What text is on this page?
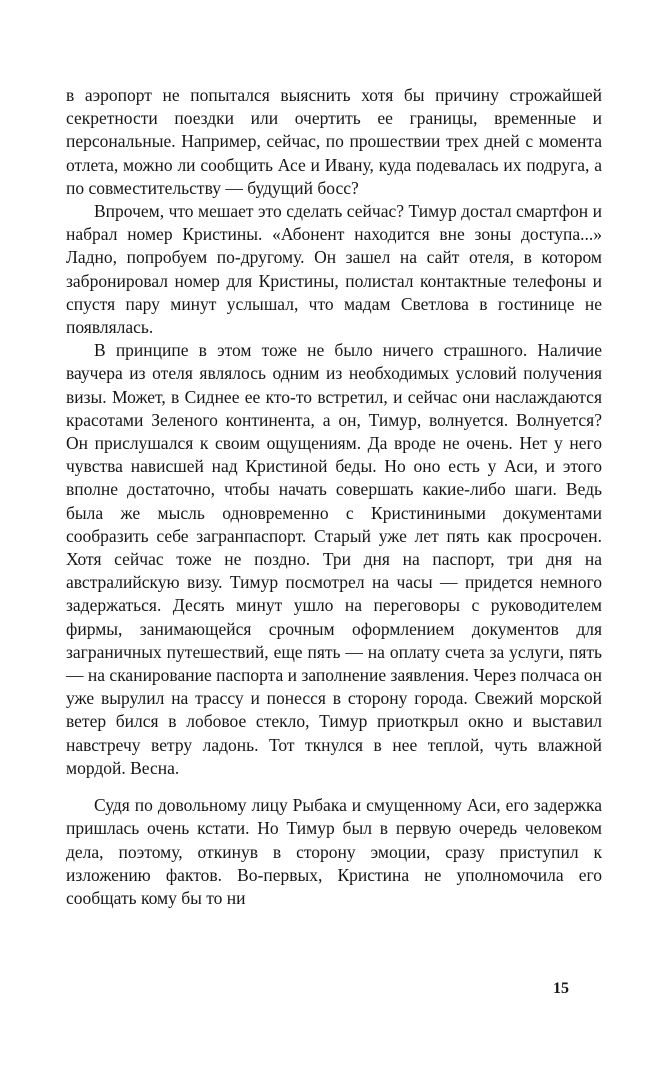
в аэропорт не попытался выяснить хотя бы причину строжайшей секретности поездки или очертить ее границы, временные и персональные. Например, сейчас, по прошествии трех дней с момента отлета, можно ли сообщить Асе и Ивану, куда подевалась их подруга, а по совместительству — будущий босс?

Впрочем, что мешает это сделать сейчас? Тимур достал смартфон и набрал номер Кристины. «Абонент находится вне зоны доступа...» Ладно, попробуем по-другому. Он зашел на сайт отеля, в котором забронировал номер для Кристины, полистал контактные телефоны и спустя пару минут услышал, что мадам Светлова в гостинице не появлялась.

В принципе в этом тоже не было ничего страшного. Наличие ваучера из отеля являлось одним из необходимых условий получения визы. Может, в Сиднее ее кто-то встретил, и сейчас они наслаждаются красотами Зеленого континента, а он, Тимур, волнуется. Волнуется? Он прислушался к своим ощущениям. Да вроде не очень. Нет у него чувства нависшей над Кристиной беды. Но оно есть у Аси, и этого вполне достаточно, чтобы начать совершать какие-либо шаги. Ведь была же мысль одновременно с Кристиниными документами сообразить себе загранпаспорт. Старый уже лет пять как просрочен. Хотя сейчас тоже не поздно. Три дня на паспорт, три дня на австралийскую визу. Тимур посмотрел на часы — придется немного задержаться. Десять минут ушло на переговоры с руководителем фирмы, занимающейся срочным оформлением документов для заграничных путешествий, еще пять — на оплату счета за услуги, пять — на сканирование паспорта и заполнение заявления. Через полчаса он уже вырулил на трассу и понесся в сторону города. Свежий морской ветер бился в лобовое стекло, Тимур приоткрыл окно и выставил навстречу ветру ладонь. Тот ткнулся в нее теплой, чуть влажной мордой. Весна.

Судя по довольному лицу Рыбака и смущенному Аси, его задержка пришлась очень кстати. Но Тимур был в первую очередь человеком дела, поэтому, откинув в сторону эмоции, сразу приступил к изложению фактов. Во-первых, Кристина не уполномочила его сообщать кому бы то ни

15
